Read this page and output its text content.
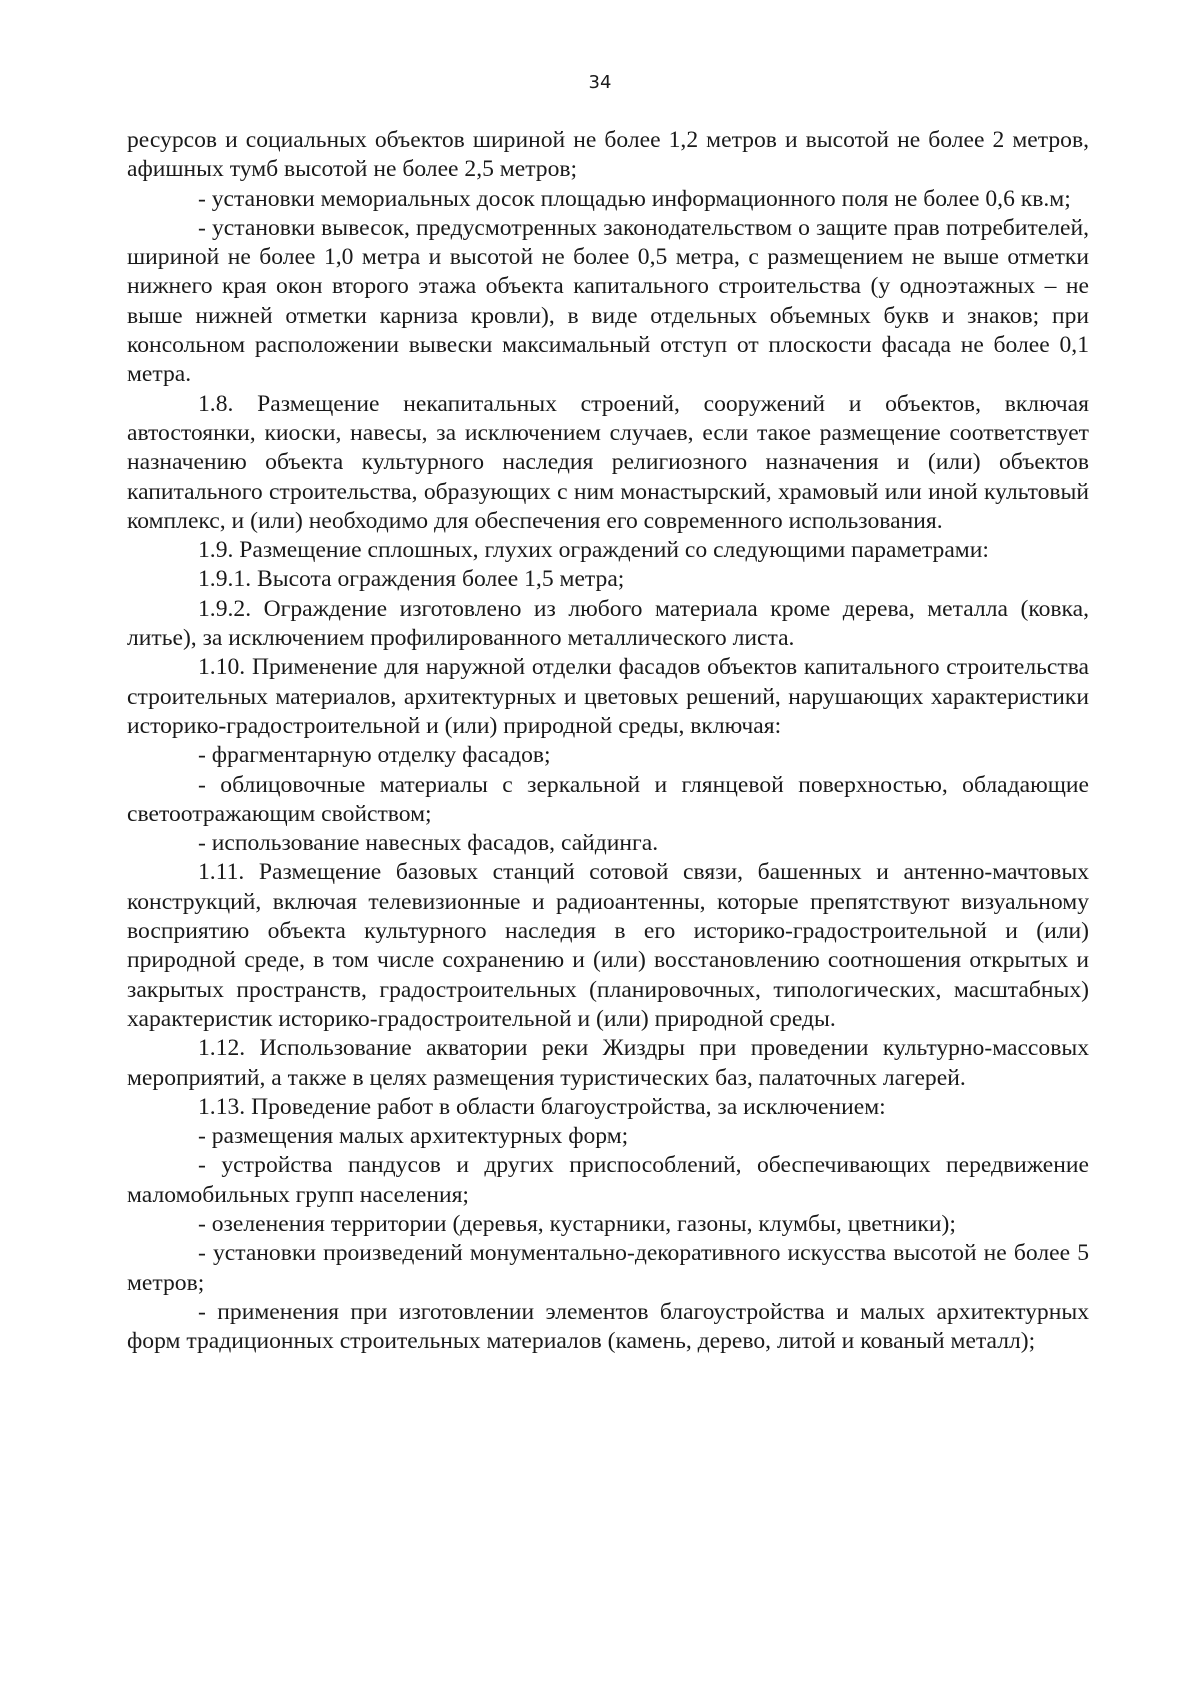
34

ресурсов и социальных объектов шириной не более 1,2 метров и высотой не более 2 метров, афишных тумб высотой не более 2,5 метров;

- установки мемориальных досок площадью информационного поля не более 0,6 кв.м;

- установки вывесок, предусмотренных законодательством о защите прав потребителей, шириной не более 1,0 метра и высотой не более 0,5 метра, с размещением не выше отметки нижнего края окон второго этажа объекта капитального строительства (у одноэтажных – не выше нижней отметки карниза кровли), в виде отдельных объемных букв и знаков; при консольном расположении вывески максимальный отступ от плоскости фасада не более 0,1 метра.

1.8. Размещение некапитальных строений, сооружений и объектов, включая автостоянки, киоски, навесы, за исключением случаев, если такое размещение соответствует назначению объекта культурного наследия религиозного назначения и (или) объектов капитального строительства, образующих с ним монастырский, храмовый или иной культовый комплекс, и (или) необходимо для обеспечения его современного использования.

1.9. Размещение сплошных, глухих ограждений со следующими параметрами:

1.9.1. Высота ограждения более 1,5 метра;

1.9.2. Ограждение изготовлено из любого материала кроме дерева, металла (ковка, литье), за исключением профилированного металлического листа.

1.10. Применение для наружной отделки фасадов объектов капитального строительства строительных материалов, архитектурных и цветовых решений, нарушающих характеристики историко-градостроительной и (или) природной среды, включая:

- фрагментарную отделку фасадов;

- облицовочные материалы с зеркальной и глянцевой поверхностью, обладающие светоотражающим свойством;

- использование навесных фасадов, сайдинга.

1.11. Размещение базовых станций сотовой связи, башенных и антенно-мачтовых конструкций, включая телевизионные и радиоантенны, которые препятствуют визуальному восприятию объекта культурного наследия в его историко-градостроительной и (или) природной среде, в том числе сохранению и (или) восстановлению соотношения открытых и закрытых пространств, градостроительных (планировочных, типологических, масштабных) характеристик историко-градостроительной и (или) природной среды.

1.12. Использование акватории реки Жиздры при проведении культурно-массовых мероприятий, а также в целях размещения туристических баз, палаточных лагерей.

1.13. Проведение работ в области благоустройства, за исключением:

- размещения малых архитектурных форм;

- устройства пандусов и других приспособлений, обеспечивающих передвижение маломобильных групп населения;

- озеленения территории (деревья, кустарники, газоны, клумбы, цветники);

- установки произведений монументально-декоративного искусства высотой не более 5 метров;

- применения при изготовлении элементов благоустройства и малых архитектурных форм традиционных строительных материалов (камень, дерево, литой и кованый металл);
